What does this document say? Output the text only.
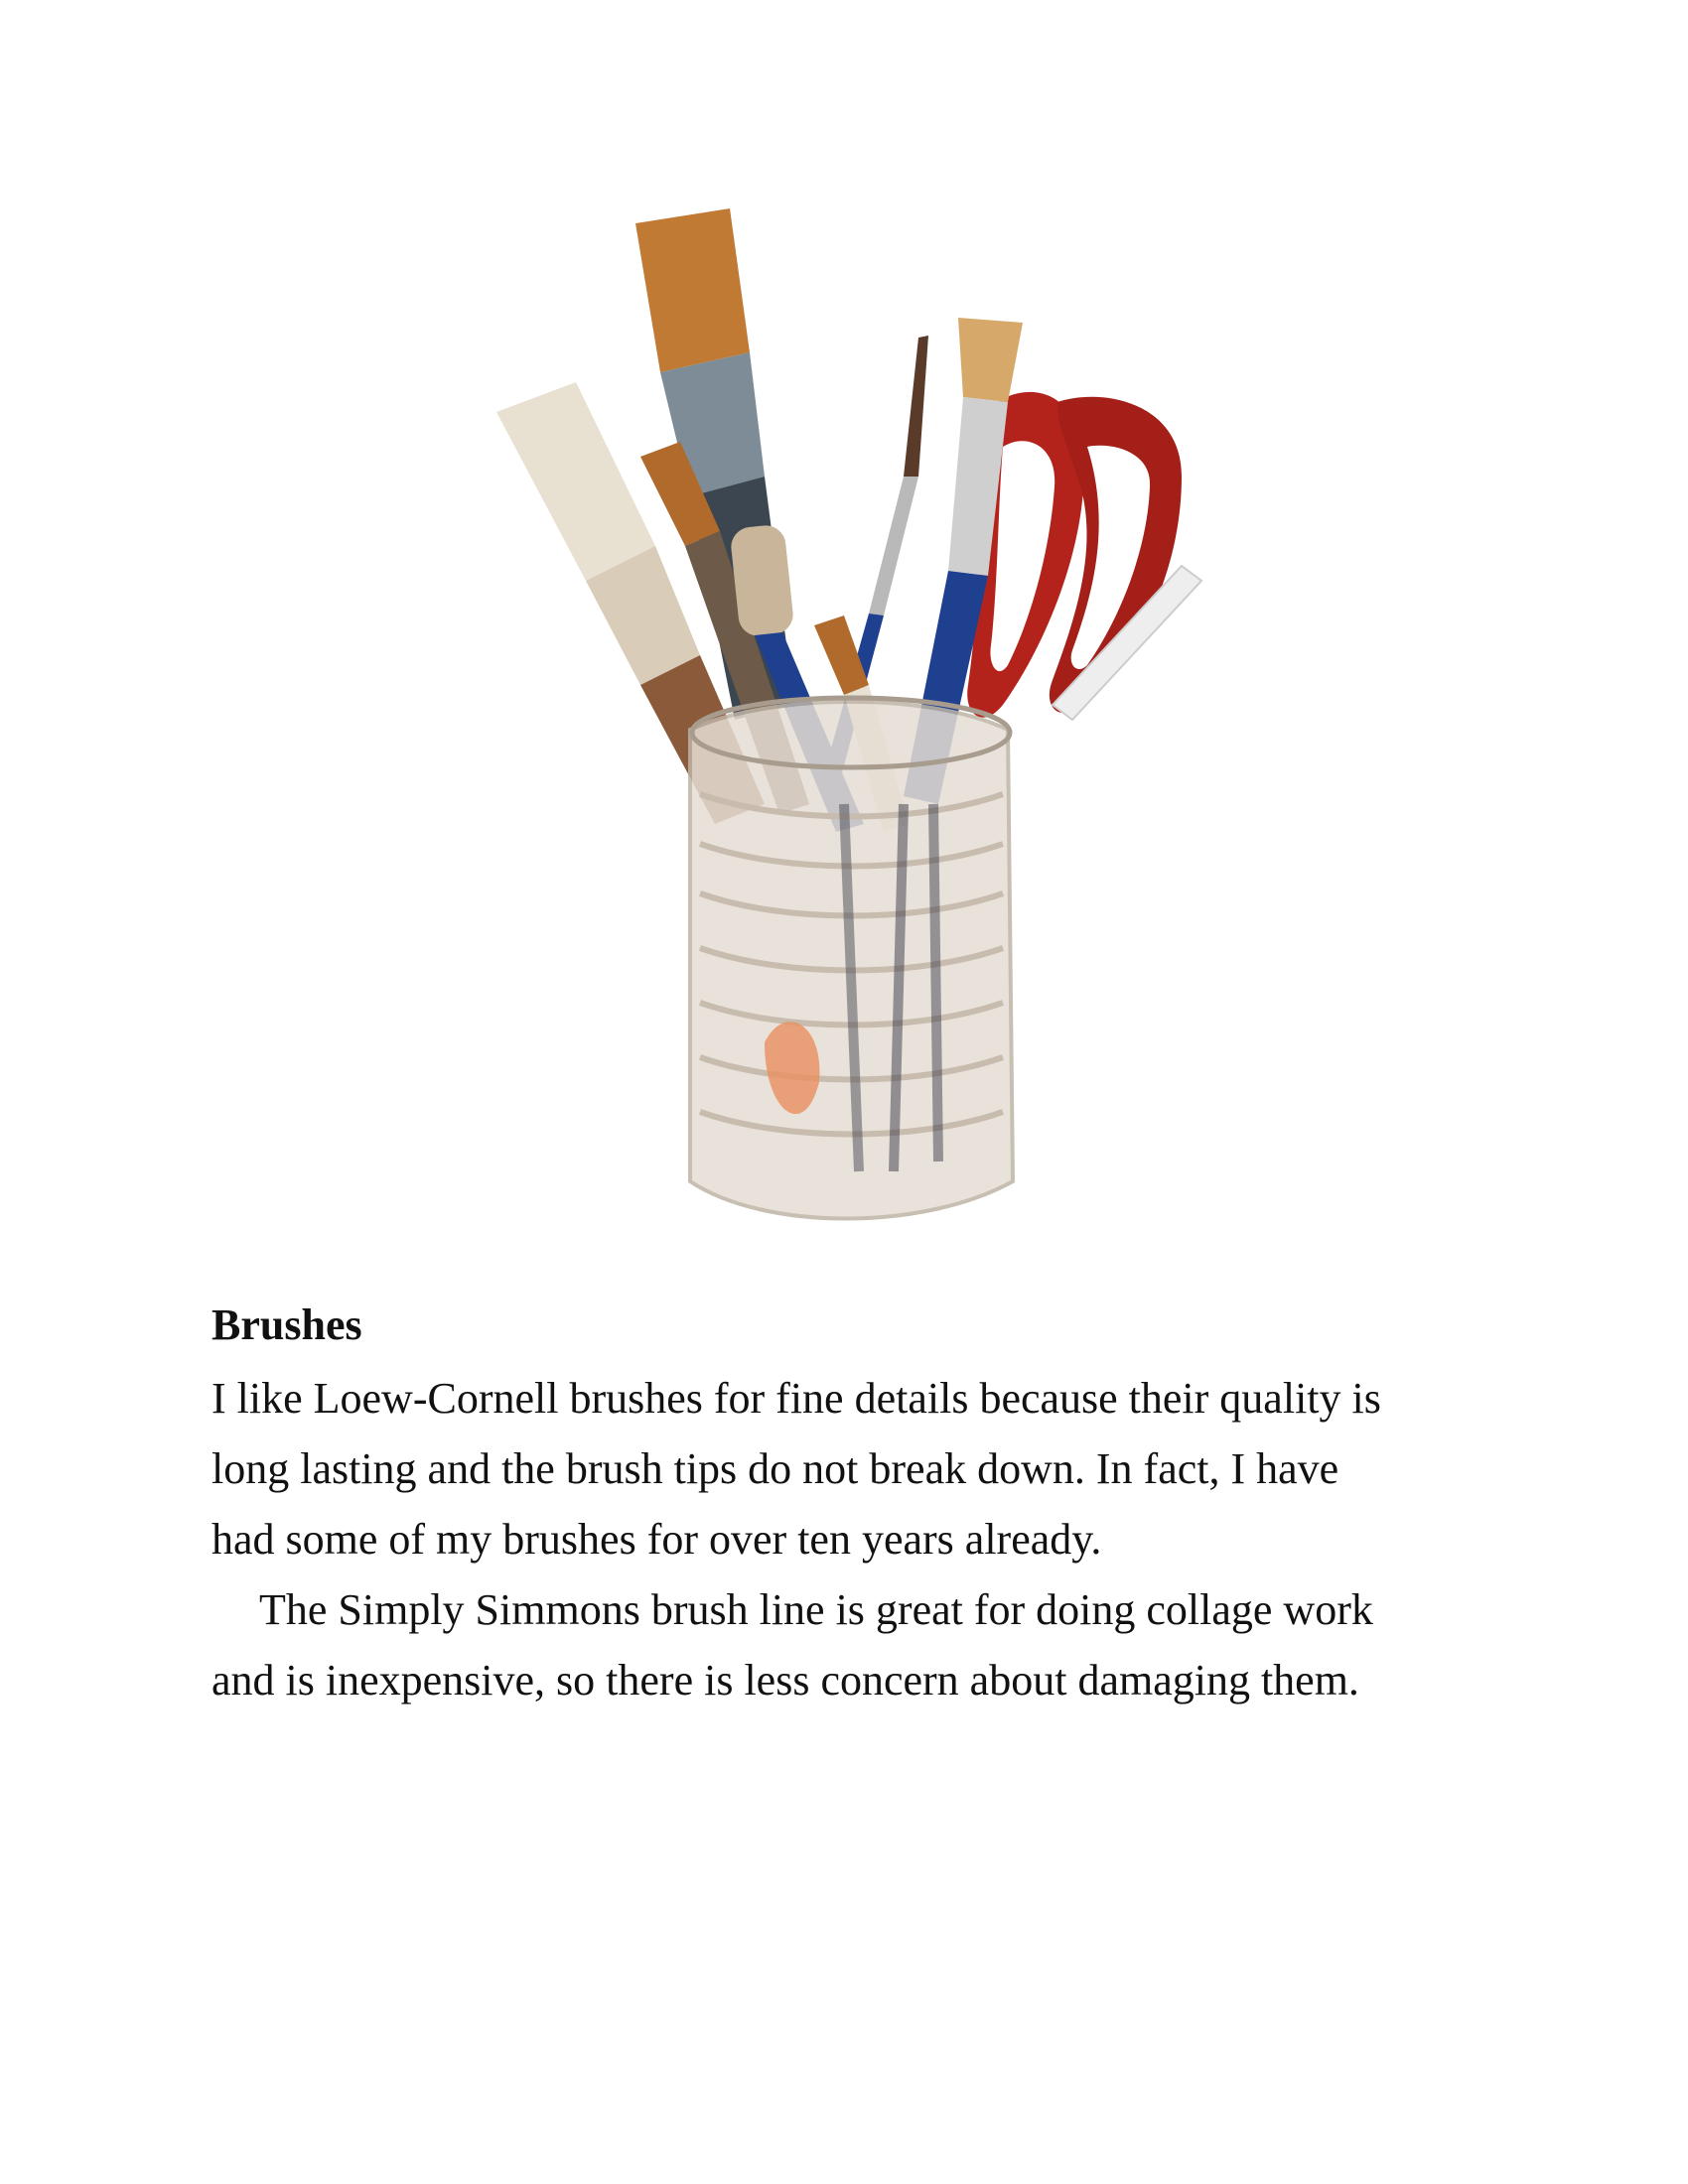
Brushes

I like Loew-Cornell brushes for fine details because their quality is

long lasting and the brush tips do not break down. In fact, I have

had some of my brushes for over ten years already.

The Simply Simmons brush line is great for doing collage work

and is inexpensive, so there is less concern about damaging them.
